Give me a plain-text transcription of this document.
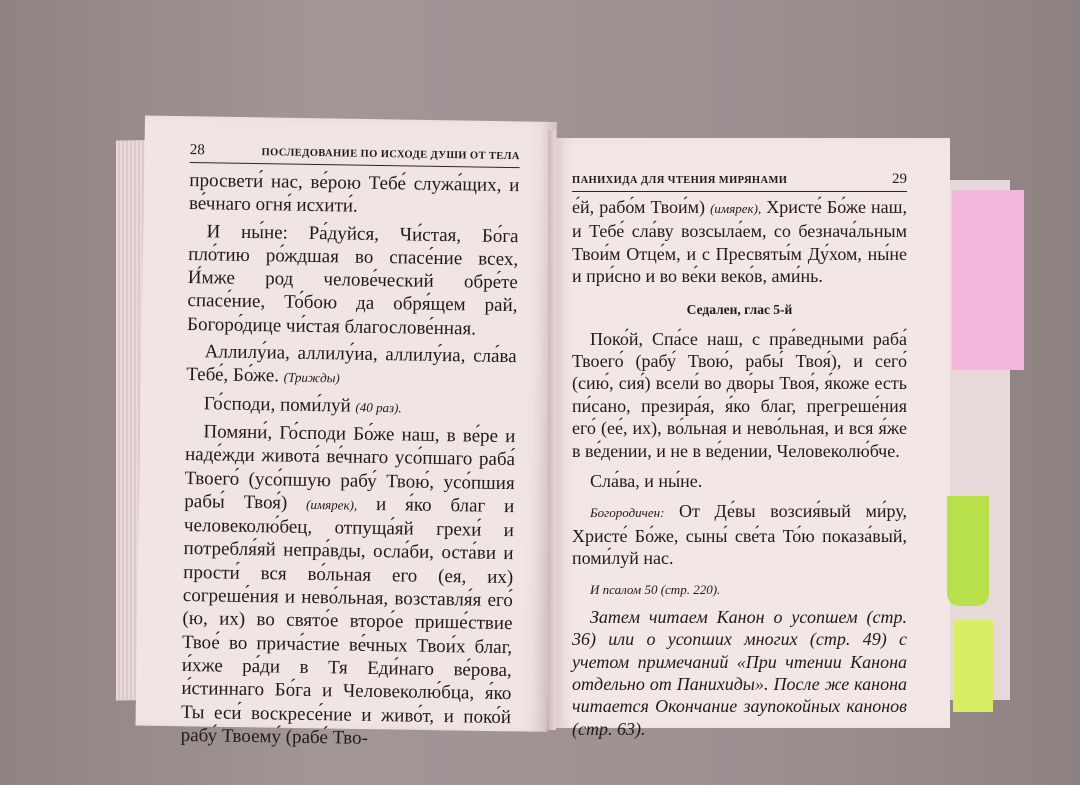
28	ПОСЛЕДОВАНИЕ ПО ИСХОДЕ ДУШИ ОТ ТЕЛА

просвети́ нас, ве́рою Тебе́ служа́щих, и ве́чнаго огня́ исхити́.

И ны́не: Ра́дуйся, Чи́стая, Бо́га пло́тию ро́ждшая во спасе́ние всех, И́мже род челове́ческий обре́те спасе́ние, То́бою да обря́щем рай, Богоро́дице чи́стая благослове́нная.

Аллилу́иа, аллилу́иа, аллилу́иа, сла́ва Тебе́, Бо́же. (Трижды)

Го́споди, поми́луй (40 раз).

Помяни́, Го́споди Бо́же наш, в ве́ре и наде́жди живота́ ве́чнаго усо́пшаго раба́ Твоего́ (усо́пшую рабу́ Твою́, усо́пшия рабы́ Твоя́) (имярек), и я́ко благ и человеколю́бец, отпуща́яй грехи́ и потребля́яй непра́вды, осла́би, оста́ви и прости́ вся во́льная его (ея, их) согреше́ния и нево́льная, возставля́я его́ (ю, их) во свято́е второ́е прише́ствие Твое́ во прича́стие ве́чных Твои́х благ, и́хже ра́ди в Тя Еди́наго ве́рова, и́стиннаго Бо́га и Человеколю́бца, я́ко Ты еси́ воскресе́ние и живо́т, и поко́й рабу́ Твоему́ (рабе́ Тво-

ПАНИХИДА ДЛЯ ЧТЕНИЯ МИРЯНАМИ	29

е́й, рабо́м Твои́м) (имярек), Христе́ Бо́же наш, и Тебе́ сла́ву возсыла́ем, со безнача́льным Твои́м Отце́м, и с Пресвяты́м Ду́хом, ны́не и при́сно и во ве́ки веко́в, ами́нь.

Седален, глас 5-й

Поко́й, Спа́се наш, с пра́ведными раба́ Твоего́ (рабу́ Твою́, рабы́ Твоя́), и сего́ (сию́, сия́) всели́ во дво́ры Твоя́, я́коже есть пи́сано, презира́я, я́ко благ, прегреше́ния его́ (ее́, их), во́льная и нево́льная, и вся я́же в ве́дении, и не в ве́дении, Человеколю́бче.

Сла́ва, и ны́не.

Богородичен: От Де́вы возсия́вый ми́ру, Христе́ Бо́же, сыны́ све́та То́ю показа́вый, поми́луй нас.

И псалом 50 (стр. 220).

Затем читаем Канон о усопшем (стр. 36) или о усопших многих (стр. 49) с учетом примечаний «При чтении Канона отдельно от Панихиды». После же канона читается Окончание заупокойных канонов (стр. 63).
